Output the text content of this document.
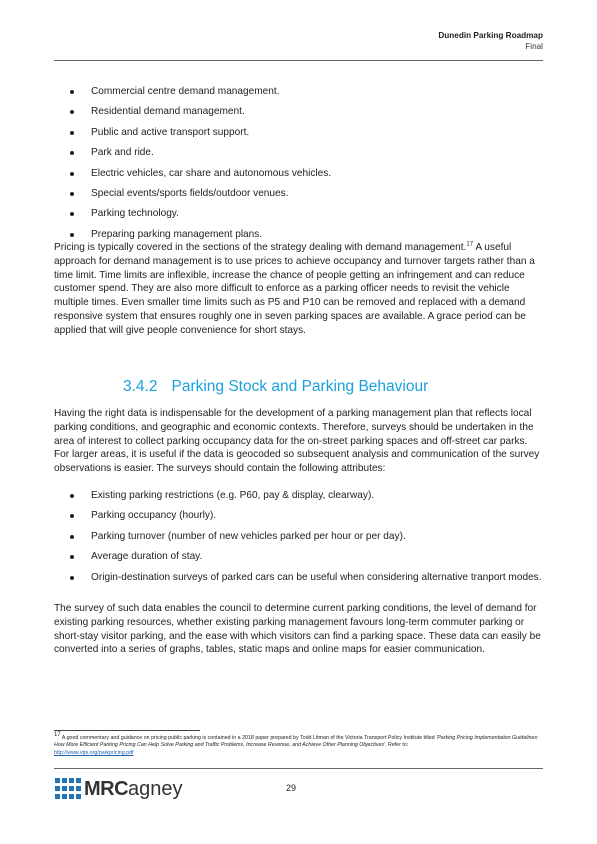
Dunedin Parking Roadmap
Final
Commercial centre demand management.
Residential demand management.
Public and active transport support.
Park and ride.
Electric vehicles, car share and autonomous vehicles.
Special events/sports fields/outdoor venues.
Parking technology.
Preparing parking management plans.

Pricing is typically covered in the sections of the strategy dealing with demand management.$^{17}$ A useful approach for demand management is to use prices to achieve occupancy and turnover targets rather than a time limit. Time limits are inflexible, increase the chance of people getting an infringement and can reduce customer spend. They are also more difficult to enforce as a parking officer needs to revisit the vehicle multiple times. Even smaller time limits such as P5 and P10 can be removed and replaced with a demand responsive system that ensures roughly one in seven parking spaces are available. A grace period can be applied that will give people convenience for short stays.

3.4.2 Parking Stock and Parking Behaviour

Having the right data is indispensable for the development of a parking management plan that reflects local parking conditions, and geographic and economic contexts. Therefore, surveys should be undertaken in the area of interest to collect parking occupancy data for the on-street parking spaces and off-street car parks. For larger areas, it is useful if the data is geocoded so subsequent analysis and communication of the survey observations is easier. The surveys should contain the following attributes:

Existing parking restrictions (e.g. P60, pay & display, clearway).
Parking occupancy (hourly).
Parking turnover (number of new vehicles parked per hour or per day).
Average duration of stay.
Origin-destination surveys of parked cars can be useful when considering alternative tranport modes.

The survey of such data enables the council to determine current parking conditions, the level of demand for existing parking resources, whether existing parking management favours long-term commuter parking or short-stay visitor parking, and the ease with which visitors can find a parking space. These data can easily be converted into a series of graphs, tables, static maps and online maps for easier communication.

$^{17}$ A good commentary and guidance on pricing public parking is contained in a 2018 paper prepared by Todd Litman of the Victoria Transport Policy Institute titled 'Parking Pricing Implementation Guidelines: How More Efficient Parking Pricing Can Help Solve Parking and Traffic Problems, Increase Revenue, and Achieve Other Planning Objectives'. Refer to:
http://www.vtpi.org/parkpricing.pdf
MRC agney	29
